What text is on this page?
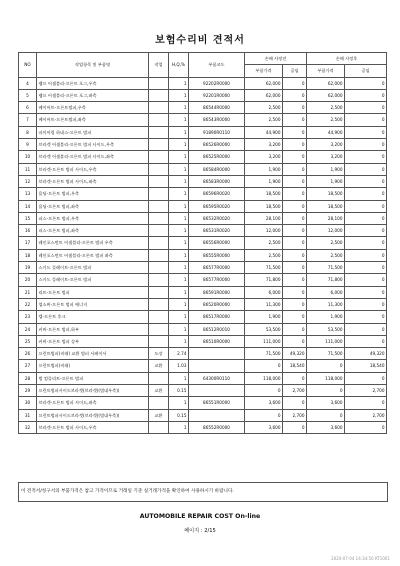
보험수리비 견적서
NO	작업항목 및 부품명	작업	H,Q,%	부품코드	손해 사정전		손해 사정후	
					부품가격	공임	부품가격	공임
4	램프 어셈블리-프론트 포그,우측		1	92202R0000	62,000	0	62,000	0
5	램프 어셈블리-프론트 포그,좌측		1	92201R0000	62,000	0	62,000	0
6	베이어트-프론트범퍼,우측		1	86544R0000	2,500	0	2,500	0
7	베이어트-프론트범퍼,좌측		1	86543R0000	2,500	0	2,500	0
8	파이어링 하네스-프론트 범퍼		1	91890R0110	44,900	0	44,900	0
9	브라켓 어셈블리-프론트 범퍼 사이드,우측		1	86526R0000	3,200	0	3,200	0
10	브라켓 어셈블리-프론트 범퍼 사이드,좌측		1	86525R0000	3,200	0	3,200	0
11	브라켓-프론트 범퍼 사이드,우측		1	86584R0000	1,900	0	1,900	0
12	브라켓-프론트 범퍼 사이드,좌측		1	86583R0000	1,900	0	1,900	0
13	몰딩-프론트 범퍼,우측		1	86596R0020	18,500	0	18,500	0
14	몰딩-프론트 범퍼,좌측		1	86595R0020	18,500	0	18,500	0
15	피스-프론트 범퍼,우측		1	86532R0020	28,100	0	28,100	0
16	피스-프론트 범퍼,좌측		1	86531R0020	12,000	0	12,000	0
17	레인포스먼트 어셈블리-프론트 범퍼 우측		1	86556R0000	2,500	0	2,500	0
18	레인포스먼트 어셈블리-프론트 범퍼 좌측		1	86555R0000	2,500	0	2,500	0
19	스키드 플레이트-프론트 범퍼		1	86577R0000	71,500	0	71,500	0
20	스키드 플레이트-프론트 범퍼		1	86577R0000	71,800	0	71,800	0
21	리트-프론트 범퍼		1	86591R0000	6,000	0	6,000	0
22	업소버-프론트 범퍼 에너지		1	86520R0000	11,300	0	11,300	0
23	캡-프론트 후크		1	86517R0000	1,900	0	1,900	0
24	커버-프론트 범퍼,하부		1	86512R0010	53,500	0	53,500	0
25	커버-프론트 범퍼 상부		1	86510R0000	111,000	0	111,000	0
26	프런트범퍼(비래) 교환 범퍼 서페이서	도장	2.74		71,500	49,320	71,500	49,320
27	프런트범퍼(비래)	교환	1.03		0	18,540	0	18,540
28	범 컴플리트-프론트 범퍼		1	64300R0110	118,000	0	118,000	0
29	프런트범퍼사이드브라켓(브라켓)(범대우측)(	교환	0.15		0	2,700	0	2,700
30	브라켓-프론트 범퍼 사이드,좌측		1	86551R0000	3,600	0	3,600	0
31	프런트범퍼사이드브라켓(브라켓)(범대우측)(	교환	0.15		0	2,700	0	2,700
32	브라켓-프론트 범퍼 사이드,우측		1	86552R0000	3,600	0	3,600	0
이 견적서/청구서의 부품가격은 참고 가격이므로 거래일 기준 실거래가격을 확인하여 사용하시기 바랍니다.
AUTOMOBILE REPAIR COST On-line
페이지 : 2/15
2024-07-04 14:34:56 RT1001
